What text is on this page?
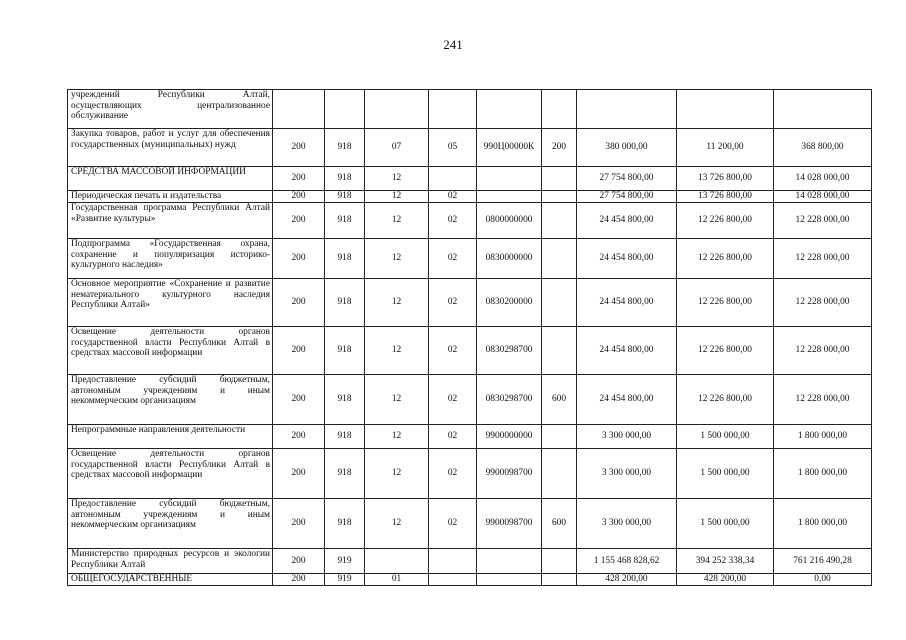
241
учреждений Республики Алтай, осуществляющих централизованное обслуживание									
Закупка товаров, работ и услуг для обеспечения государственных (муниципальных) нужд	200	918	07	05	990Ц00000К	200	380 000,00	11 200,00	368 800,00
СРЕДСТВА МАССОВОЙ ИНФОРМАЦИИ	200	918	12				27 754 800,00	13 726 800,00	14 028 000,00
Периодическая печать и издательства	200	918	12	02			27 754 800,00	13 726 800,00	14 028 000,00
Государственная программа Республики Алтай «Развитие культуры»	200	918	12	02	0800000000		24 454 800,00	12 226 800,00	12 228 000,00
Подпрограмма «Государственная охрана, сохранение и популяризация историко-культурного наследия»	200	918	12	02	0830000000		24 454 800,00	12 226 800,00	12 228 000,00
Основное мероприятие «Сохранение и развитие нематериального культурного наследия Республики Алтай»	200	918	12	02	0830200000		24 454 800,00	12 226 800,00	12 228 000,00
Освещение деятельности органов государственной власти Республики Алтай в средствах массовой информации	200	918	12	02	0830298700		24 454 800,00	12 226 800,00	12 228 000,00
Предоставление субсидий бюджетным, автономным учреждениям и иным некоммерческим организациям	200	918	12	02	0830298700	600	24 454 800,00	12 226 800,00	12 228 000,00
Непрограммные направления деятельности	200	918	12	02	9900000000		3 300 000,00	1 500 000,00	1 800 000,00
Освещение деятельности органов государственной власти Республики Алтай в средствах массовой информации	200	918	12	02	9900098700		3 300 000,00	1 500 000,00	1 800 000,00
Предоставление субсидий бюджетным, автономным учреждениям и иным некоммерческим организациям	200	918	12	02	9900098700	600	3 300 000,00	1 500 000,00	1 800 000,00
Министерство природных ресурсов и экологии Республики Алтай	200	919					1 155 468 828,62	394 252 338,34	761 216 490,28
ОБЩЕГОСУДАРСТВЕННЫЕ	200	919	01				428 200,00	428 200,00	0,00
